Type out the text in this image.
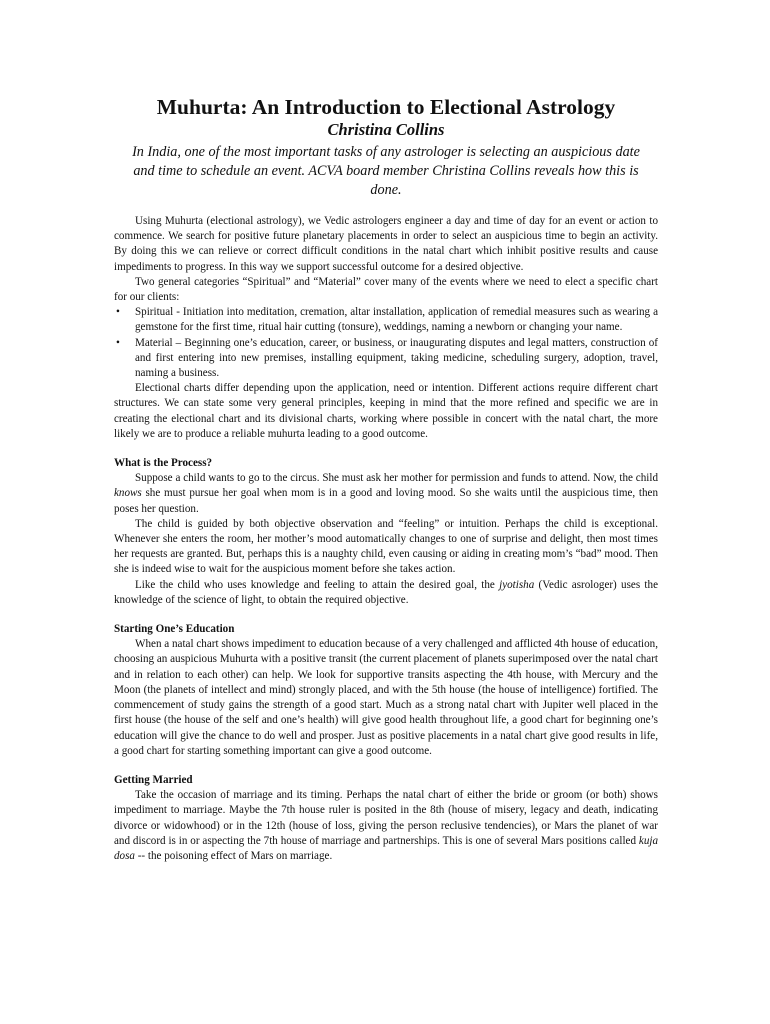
Muhurta: An Introduction to Electional Astrology
Christina Collins
In India, one of the most important tasks of any astrologer is selecting an auspicious date and time to schedule an event. ACVA board member Christina Collins reveals how this is done.

Using Muhurta (electional astrology), we Vedic astrologers engineer a day and time of day for an event or action to commence. We search for positive future planetary placements in order to select an auspicious time to begin an activity. By doing this we can relieve or correct difficult conditions in the natal chart which inhibit positive results and cause impediments to progress. In this way we support successful outcome for a desired objective.

Two general categories “Spiritual” and “Material” cover many of the events where we need to elect a specific chart for our clients:

• Spiritual - Initiation into meditation, cremation, altar installation, application of remedial measures such as wearing a gemstone for the first time, ritual hair cutting (tonsure), weddings, naming a newborn or changing your name.
• Material – Beginning one’s education, career, or business, or inaugurating disputes and legal matters, construction of and first entering into new premises, installing equipment, taking medicine, scheduling surgery, adoption, travel, naming a business.

Electional charts differ depending upon the application, need or intention. Different actions require different chart structures. We can state some very general principles, keeping in mind that the more refined and specific we are in creating the electional chart and its divisional charts, working where possible in concert with the natal chart, the more likely we are to produce a reliable muhurta leading to a good outcome.

What is the Process?

Suppose a child wants to go to the circus. She must ask her mother for permission and funds to attend. Now, the child knows she must pursue her goal when mom is in a good and loving mood. So she waits until the auspicious time, then poses her question.

The child is guided by both objective observation and “feeling” or intuition. Perhaps the child is exceptional. Whenever she enters the room, her mother’s mood automatically changes to one of surprise and delight, then most times her requests are granted. But, perhaps this is a naughty child, even causing or aiding in creating mom’s “bad” mood. Then she is indeed wise to wait for the auspicious moment before she takes action.

Like the child who uses knowledge and feeling to attain the desired goal, the jyotisha (Vedic asrologer) uses the knowledge of the science of light, to obtain the required objective.

Starting One’s Education

When a natal chart shows impediment to education because of a very challenged and afflicted 4th house of education, choosing an auspicious Muhurta with a positive transit (the current placement of planets superimposed over the natal chart and in relation to each other) can help. We look for supportive transits aspecting the 4th house, with Mercury and the Moon (the planets of intellect and mind) strongly placed, and with the 5th house (the house of intelligence) fortified. The commencement of study gains the strength of a good start. Much as a strong natal chart with Jupiter well placed in the first house (the house of the self and one’s health) will give good health throughout life, a good chart for beginning one’s education will give the chance to do well and prosper. Just as positive placements in a natal chart give good results in life, a good chart for starting something important can give a good outcome.

Getting Married

Take the occasion of marriage and its timing. Perhaps the natal chart of either the bride or groom (or both) shows impediment to marriage. Maybe the 7th house ruler is posited in the 8th (house of misery, legacy and death, indicating divorce or widowhood) or in the 12th (house of loss, giving the person reclusive tendencies), or Mars the planet of war and discord is in or aspecting the 7th house of marriage and partnerships. This is one of several Mars positions called kuja dosa -- the poisoning effect of Mars on marriage.
